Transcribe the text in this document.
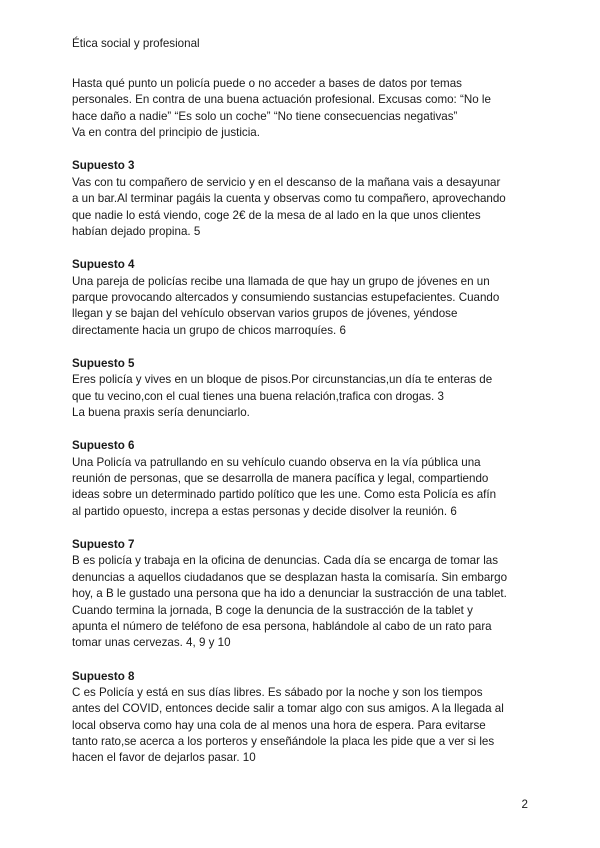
Ética social y profesional
Hasta qué punto un policía puede o no acceder a bases de datos por temas
personales. En contra de una buena actuación profesional. Excusas como: “No le
hace daño a nadie” “Es solo un coche” “No tiene consecuencias negativas”
Va en contra del principio de justicia.
Supuesto 3
Vas con tu compañero de servicio y en el descanso de la mañana vais a desayunar
a un bar.Al terminar pagáis la cuenta y observas como tu compañero, aprovechando
que nadie lo está viendo, coge 2€ de la mesa de al lado en la que unos clientes
habían dejado propina. 5
Supuesto 4
Una pareja de policías recibe una llamada de que hay un grupo de jóvenes en un
parque provocando altercados y consumiendo sustancias estupefacientes. Cuando
llegan y se bajan del vehículo observan varios grupos de jóvenes, yéndose
directamente hacia un grupo de chicos marroquíes. 6
Supuesto 5
Eres policía y vives en un bloque de pisos.Por circunstancias,un día te enteras de
que tu vecino,con el cual tienes una buena relación,trafica con drogas. 3
La buena praxis sería denunciarlo.
Supuesto 6
Una Policía va patrullando en su vehículo cuando observa en la vía pública una
reunión de personas, que se desarrolla de manera pacífica y legal, compartiendo
ideas sobre un determinado partido político que les une. Como esta Policía es afín
al partido opuesto, increpa a estas personas y decide disolver la reunión. 6
Supuesto 7
B es policía y trabaja en la oficina de denuncias. Cada día se encarga de tomar las
denuncias a aquellos ciudadanos que se desplazan hasta la comisaría. Sin embargo
hoy, a B le gustado una persona que ha ido a denunciar la sustracción de una tablet.
Cuando termina la jornada, B coge la denuncia de la sustracción de la tablet y
apunta el número de teléfono de esa persona, hablándole al cabo de un rato para
tomar unas cervezas. 4, 9 y 10
Supuesto 8
C es Policía y está en sus días libres. Es sábado por la noche y son los tiempos
antes del COVID, entonces decide salir a tomar algo con sus amigos. A la llegada al
local observa como hay una cola de al menos una hora de espera. Para evitarse
tanto rato,se acerca a los porteros y enseñándole la placa les pide que a ver si les
hacen el favor de dejarlos pasar. 10
2
